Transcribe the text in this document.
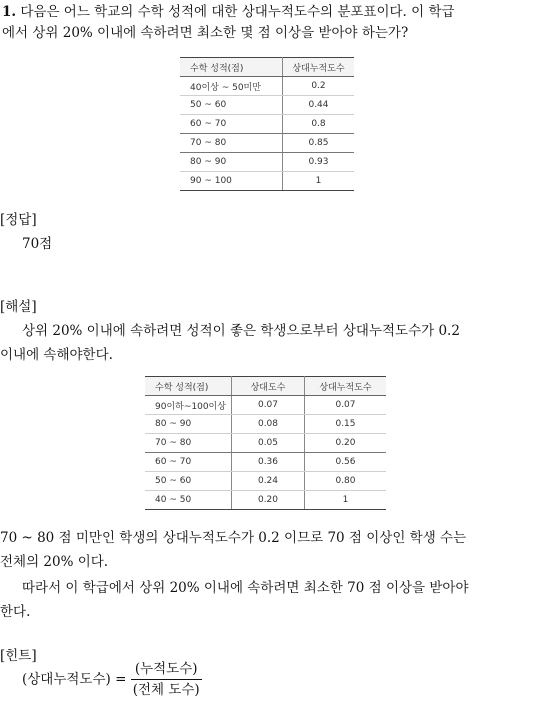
1. 다음은 어느 학교의 수학 성적에 대한 상대누적도수의 분포표이다. 이 학급
에서 상위 20% 이내에 속하려면 최소한 몇 점 이상을 받아야 하는가?
수학 성적(점)	상대누적도수
40이상 ~ 50미만	0.2
50 ~ 60	0.44
60 ~ 70	0.8
70 ~ 80	0.85
80 ~ 90	0.93
90 ~ 100	1
[정답]
70점
[해설]
상위 20% 이내에 속하려면 성적이 좋은 학생으로부터 상대누적도수가 0.2
이내에 속해야한다.
수학 성적(점)	상대도수	상대누적도수
90이하~100이상	0.07	0.07
80 ~ 90	0.08	0.15
70 ~ 80	0.05	0.20
60 ~ 70	0.36	0.56
50 ~ 60	0.24	0.80
40 ~ 50	0.20	1
70 ~ 80 점 미만인 학생의 상대누적도수가 0.2 이므로 70 점 이상인 학생 수는
전체의 20% 이다.
따라서 이 학급에서 상위 20% 이내에 속하려면 최소한 70 점 이상을 받아야
한다.
[힌트]
(상대누적도수) = $\frac{\text{(누적도수)}}{\text{(전체 도수)}}$
